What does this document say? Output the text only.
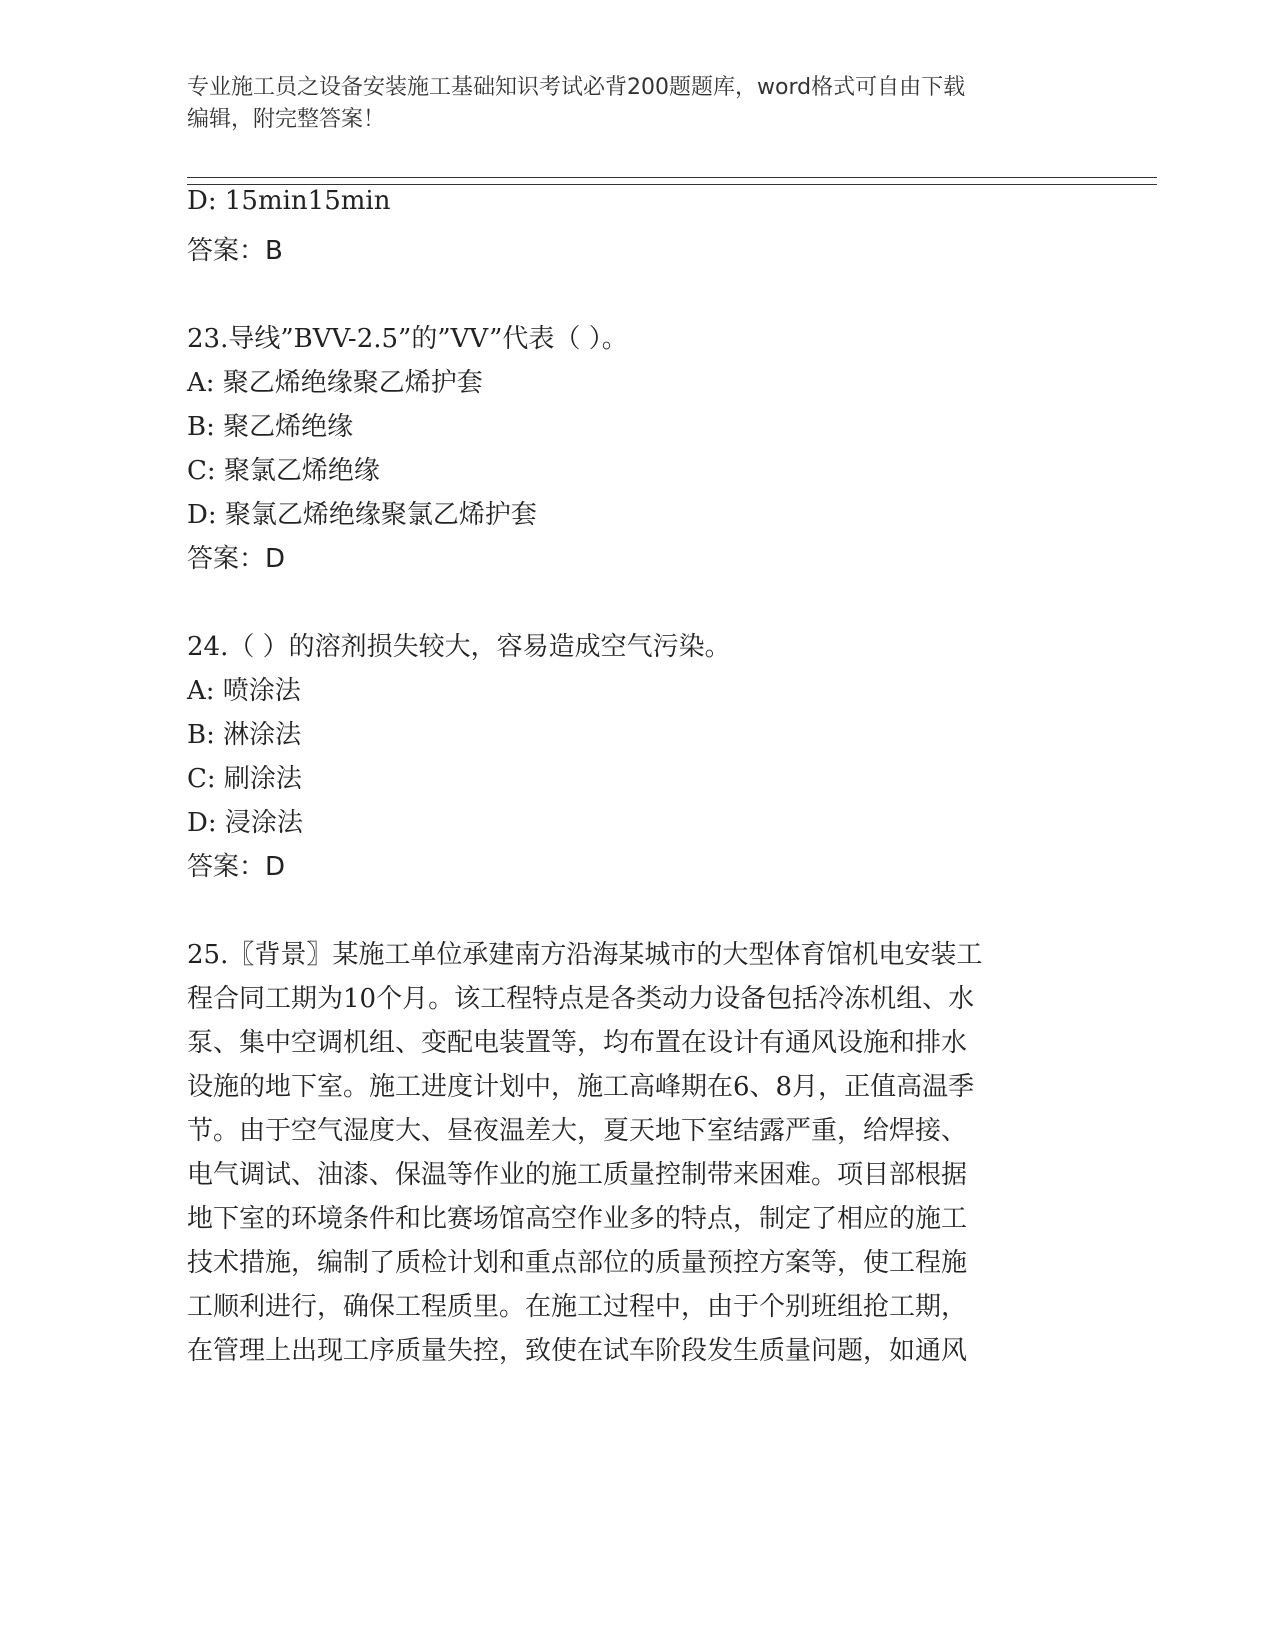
专业施工员之设备安装施工基础知识考试必背200题题库，word格式可自由下载
编辑，附完整答案！
D: 15min15min
答案：B
23.导线”BVV-2.5”的”VV”代表（ ）。
A: 聚乙烯绝缘聚乙烯护套
B: 聚乙烯绝缘
C: 聚氯乙烯绝缘
D: 聚氯乙烯绝缘聚氯乙烯护套
答案：D
24.（ ）的溶剂损失较大，容易造成空气污染。
A: 喷涂法
B: 淋涂法
C: 刷涂法
D: 浸涂法
答案：D
25.〖背景〗某施工单位承建南方沿海某城市的大型体育馆机电安装工
程合同工期为10个月。该工程特点是各类动力设备包括冷冻机组、水
泵、集中空调机组、变配电装置等，均布置在设计有通风设施和排水
设施的地下室。施工进度计划中，施工高峰期在6、8月，正值高温季
节。由于空气湿度大、昼夜温差大，夏天地下室结露严重，给焊接、
电气调试、油漆、保温等作业的施工质量控制带来困难。项目部根据
地下室的环境条件和比赛场馆高空作业多的特点，制定了相应的施工
技术措施，编制了质检计划和重点部位的质量预控方案等，使工程施
工顺利进行，确保工程质里。在施工过程中，由于个别班组抢工期，
在管理上出现工序质量失控，致使在试车阶段发生质量问题，如通风
